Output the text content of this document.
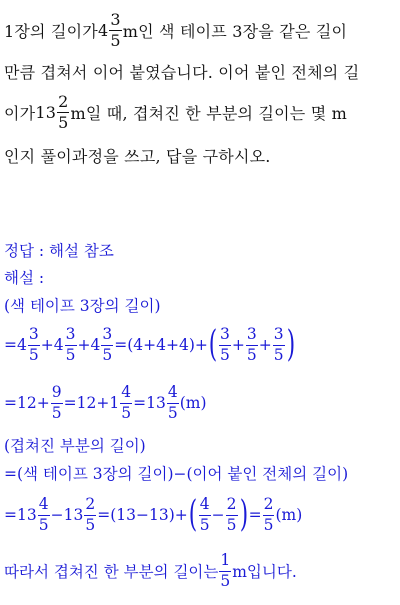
1장의 길이가 $4 \frac{3}{5}$ m인 색 테이프 3장을 같은 길이
만큼 겹쳐서 이어 붙였습니다. 이어 붙인 전체의 길
이가 $13 \frac{2}{5}$ m일 때, 겹쳐진 한 부분의 길이는 몇 m
인지 풀이과정을 쓰고, 답을 구하시오.
정답 : 해설 참조
해설 :
(색 테이프 3장의 길이)
= $4 \frac{3}{5} + 4 \frac{3}{5} + 4 \frac{3}{5} = (4+4+4)$ + ( $\frac{3}{5} + \frac{3}{5} + \frac{3}{5}$ )
= $12 + \frac{9}{5} = 12 + 1 \frac{4}{5} = 13 \frac{4}{5} (m)$
(겹쳐진 부분의 길이)
=(색 테이프 3장의 길이)−(이어 붙인 전체의 길이)
= $13 \frac{4}{5} - 13 \frac{2}{5} = (13-13)$ + ( $\frac{4}{5} - \frac{2}{5}$ ) = $\frac{2}{5} (m)$
따라서 겹쳐진 한 부분의 길이는 $\frac{1}{5}$ m입니다.
